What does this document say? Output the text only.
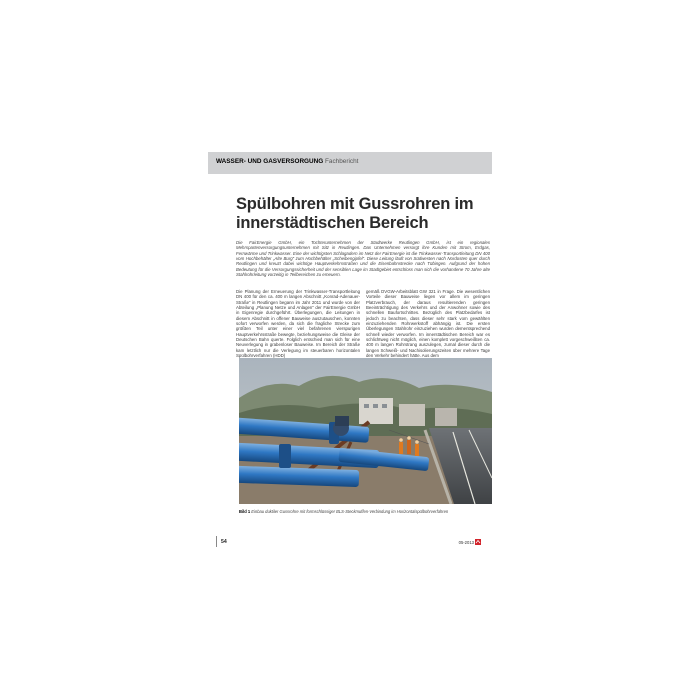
WASSER- UND GASVERSORGUNG Fachbericht
Spülbohren mit Gussrohren im innerstädtischen Bereich
Die FairEnergie GmbH, ein Tochterunternehmen der Stadtwerke Reutlingen GmbH, ist ein regionales Mehrspartenversorgungsunternehmen mit Sitz in Reutlingen. Das Unternehmen versorgt ihre Kunden mit Strom, Erdgas, Fernwärme und Trinkwasser. Eine der wichtigsten Schlagadern im Netz der FairEnergie ist die Trinkwasser-Transportleitung DN 400 vom Hochbehälter „Alte Burg“ zum Hochbehälter „Scheibengipfel“. Diese Leitung läuft von Südwesten nach Nordosten quer durch Reutlingen und kreuzt dabei wichtige Hauptverkehrsstraßen und die Eisenbahnstrecke nach Tübingen. Aufgrund der hohen Bedeutung für die Versorgungssicherheit und der sensiblen Lage im Stadtgebiet entschloss man sich die vorhandene 70 Jahre alte Stahlrohrleitung vorzeitig in Teilbereichen zu erneuern.

Die Planung der Erneuerung der Trinkwasser-Transportleitung DN 400 für den ca. 400 m langen Abschnitt „Konrad-Adenauer-Straße“ in Reutlingen begann im Jahr 2011 und wurde von der Abteilung „Planung Netze und Anlagen“ der FairEnergie GmbH in Eigenregie durchgeführt. Überlegungen, die Leitungen in diesem Abschnitt in offener Bauweise auszutauschen, konnten sofort verworfen werden, da sich die fragliche Strecke zum größten Teil unter einer viel befahrenen vierspurigen Hauptverkehrsstraße bewegte, beziehungsweise die Gleise der Deutschen Bahn querte. Folglich entschied man sich für eine Neuverlegung in grabenloser Bauweise. Im Bereich der Straße kam letztlich nur die Verlegung im steuerbaren horizontalen Spülbohrverfahren (HDD)

gemäß DVGW-Arbeitsblatt GW 321 in Frage. Die wesentlichen Vorteile dieser Bauweise liegen vor allem im geringen Platzverbrauch, der daraus resultierenden geringen Beeinträchtigung des Verkehrs und der Anwohner sowie des schnellen Baufortschrittes. Bezüglich des Platzbedarfes ist jedoch zu beachten, dass dieser sehr stark vom gewählten einzuziehenden Rohrwerkstoff abhängig ist. Die ersten Überlegungen Stahlrohr einzuziehen wurden dementsprechend schnell wieder verworfen. Im innerstädtischen Bereich war es schlichtweg nicht möglich, einen komplett vorgeschweißten ca. 400 m langen Rohrstrang auszulegen, zumal dieser durch die langen Schweiß- und Nachisolierungszeiten über mehrere Tage den Verkehr behindert hätte. Aus dem

Bild 1 Einbau duktiler Gussrohre mit formschlüssiger BLS-Steckmuffen-Verbindung im Horizontalspülbohrverfahren
54	05-2013
